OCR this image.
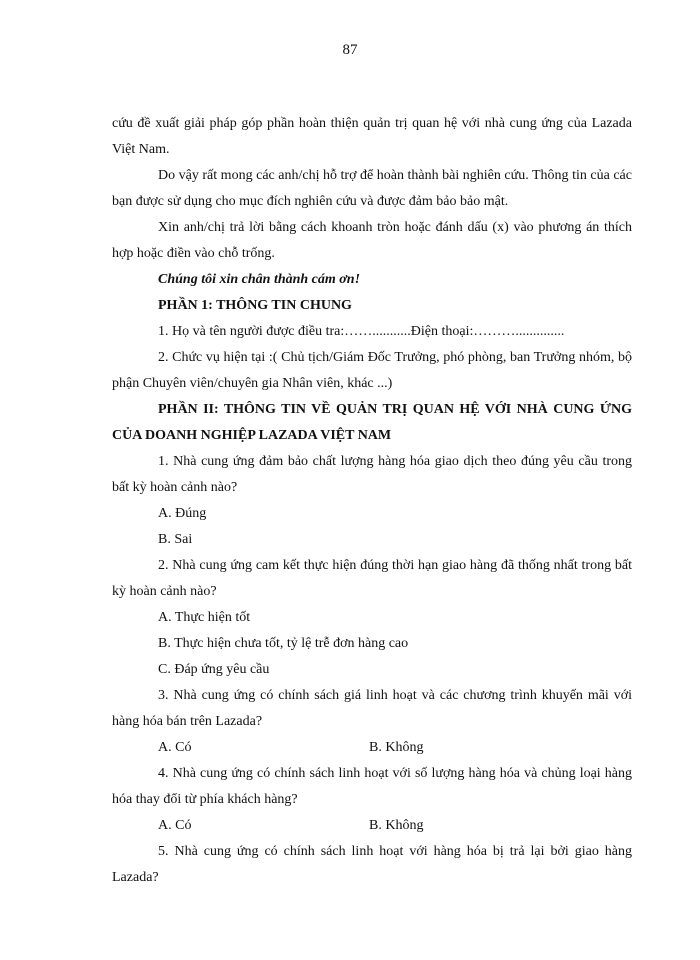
87

cứu đề xuất giải pháp góp phần hoàn thiện quản trị quan hệ với nhà cung ứng của Lazada Việt Nam.

Do vậy rất mong các anh/chị hỗ trợ để hoàn thành bài nghiên cứu. Thông tin của các bạn được sử dụng cho mục đích nghiên cứu và được đảm bảo bảo mật.

Xin anh/chị trả lời bằng cách khoanh tròn hoặc đánh dấu (x) vào phương án thích hợp hoặc điền vào chỗ trống.

Chúng tôi xin chân thành cám ơn!

PHẦN 1: THÔNG TIN CHUNG

1. Họ và tên người được điều tra:……...........Điện thoại:………..............

2. Chức vụ hiện tại :( Chủ tịch/Giám Đốc Trưởng, phó phòng, ban Trưởng nhóm, bộ phận Chuyên viên/chuyên gia Nhân viên, khác ...)

PHẦN II: THÔNG TIN VỀ QUẢN TRỊ QUAN HỆ VỚI NHÀ CUNG ỨNG CỦA DOANH NGHIỆP LAZADA VIỆT NAM

1. Nhà cung ứng đảm bảo chất lượng hàng hóa giao dịch theo đúng yêu cầu trong bất kỳ hoàn cảnh nào?

A. Đúng

B. Sai

2. Nhà cung ứng cam kết thực hiện đúng thời hạn giao hàng đã thống nhất trong bất kỳ hoàn cảnh nào?

A. Thực hiện tốt

B. Thực hiện chưa tốt, tỷ lệ trễ đơn hàng cao

C. Đáp ứng yêu cầu

3. Nhà cung ứng có chính sách giá linh hoạt và các chương trình khuyến mãi với hàng hóa bán trên Lazada?

A. Có	B. Không

4. Nhà cung ứng có chính sách linh hoạt với số lượng hàng hóa và chủng loại hàng hóa thay đổi từ phía khách hàng?

A. Có	B. Không

5. Nhà cung ứng có chính sách linh hoạt với hàng hóa bị trả lại bởi giao hàng Lazada?
